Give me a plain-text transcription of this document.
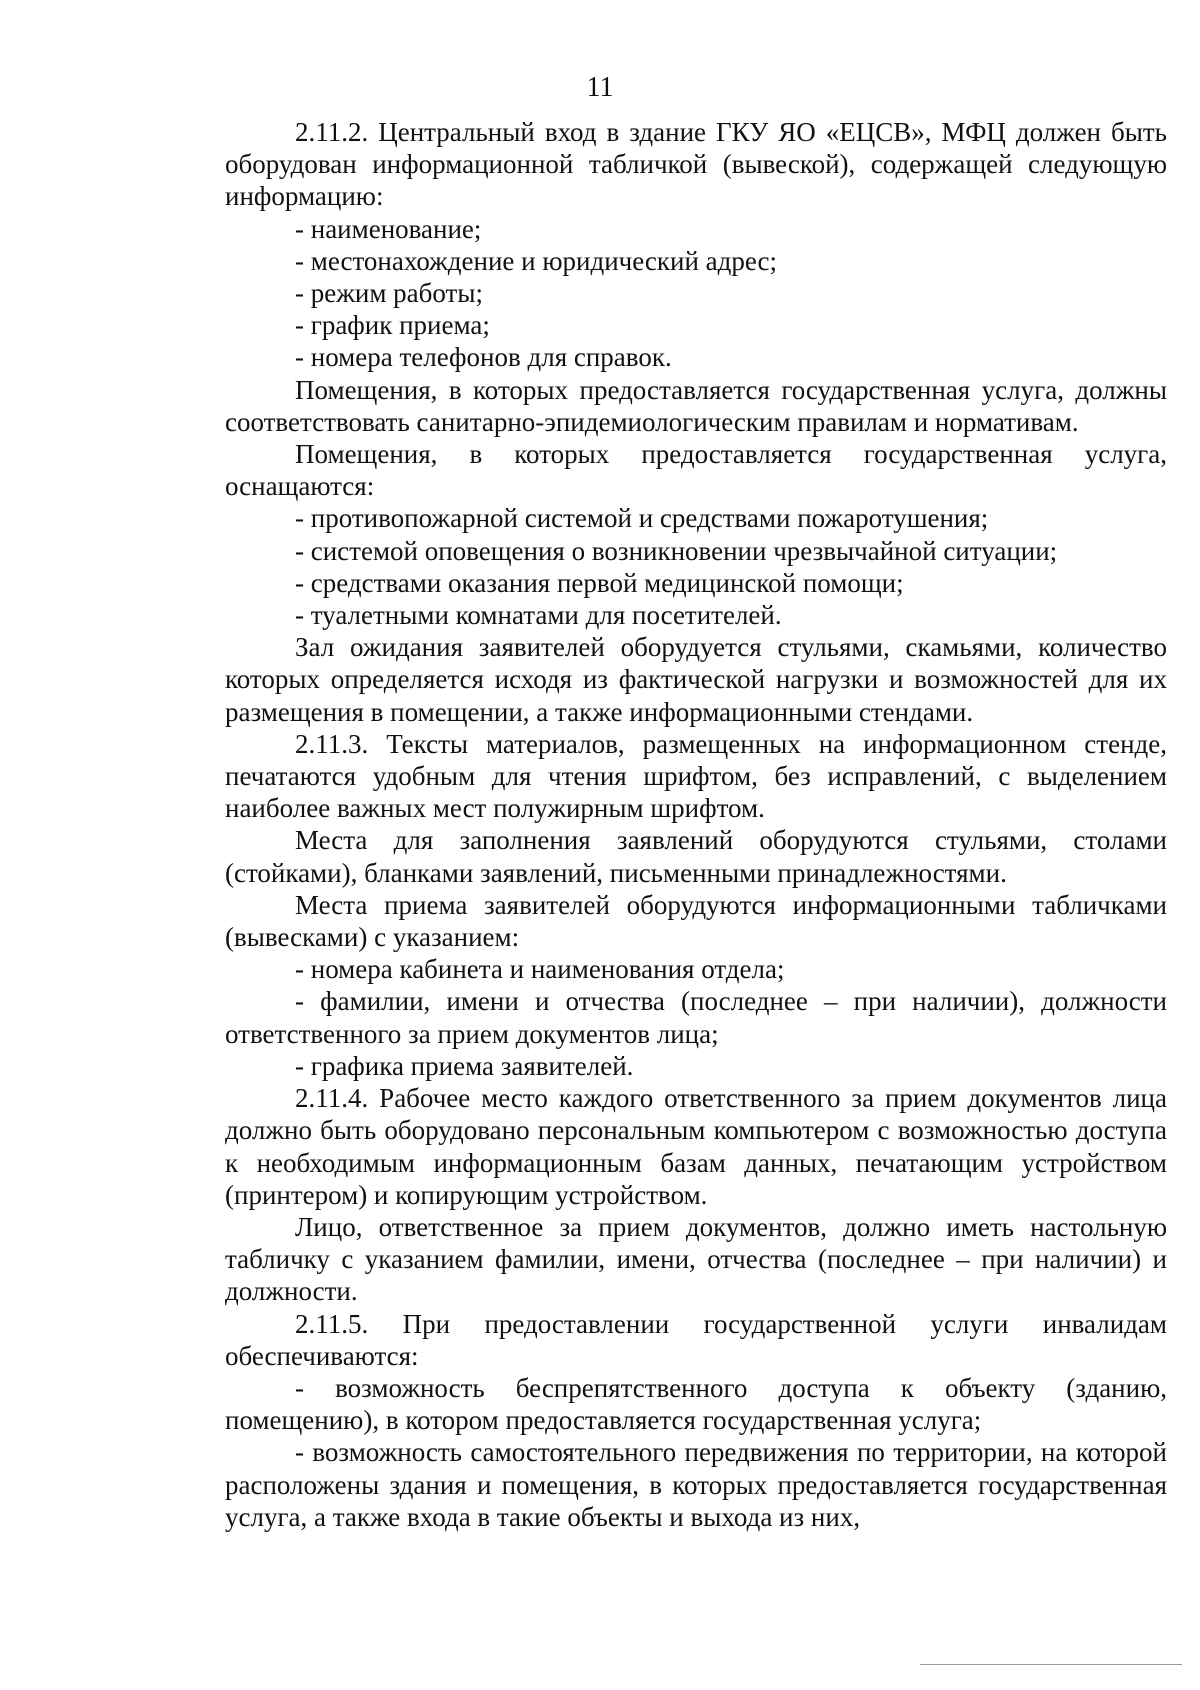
11

2.11.2. Центральный вход в здание ГКУ ЯО «ЕЦСВ», МФЦ должен быть оборудован информационной табличкой (вывеской), содержащей следующую информацию:

- наименование;

- местонахождение и юридический адрес;

- режим работы;

- график приема;

- номера телефонов для справок.

Помещения, в которых предоставляется государственная услуга, должны соответствовать санитарно-эпидемиологическим правилам и нормативам.

Помещения, в которых предоставляется государственная услуга, оснащаются:

- противопожарной системой и средствами пожаротушения;

- системой оповещения о возникновении чрезвычайной ситуации;

- средствами оказания первой медицинской помощи;

- туалетными комнатами для посетителей.

Зал ожидания заявителей оборудуется стульями, скамьями, количество которых определяется исходя из фактической нагрузки и возможностей для их размещения в помещении, а также информационными стендами.

2.11.3. Тексты материалов, размещенных на информационном стенде, печатаются удобным для чтения шрифтом, без исправлений, с выделением наиболее важных мест полужирным шрифтом.

Места для заполнения заявлений оборудуются стульями, столами (стойками), бланками заявлений, письменными принадлежностями.

Места приема заявителей оборудуются информационными табличками (вывесками) с указанием:

- номера кабинета и наименования отдела;

- фамилии, имени и отчества (последнее – при наличии), должности ответственного за прием документов лица;

- графика приема заявителей.

2.11.4. Рабочее место каждого ответственного за прием документов лица должно быть оборудовано персональным компьютером с возможностью доступа к необходимым информационным базам данных, печатающим устройством (принтером) и копирующим устройством.

Лицо, ответственное за прием документов, должно иметь настольную табличку с указанием фамилии, имени, отчества (последнее – при наличии) и должности.

2.11.5. При предоставлении государственной услуги инвалидам обеспечиваются:

- возможность беспрепятственного доступа к объекту (зданию, помещению), в котором предоставляется государственная услуга;

- возможность самостоятельного передвижения по территории, на которой расположены здания и помещения, в которых предоставляется государственная услуга, а также входа в такие объекты и выхода из них,
